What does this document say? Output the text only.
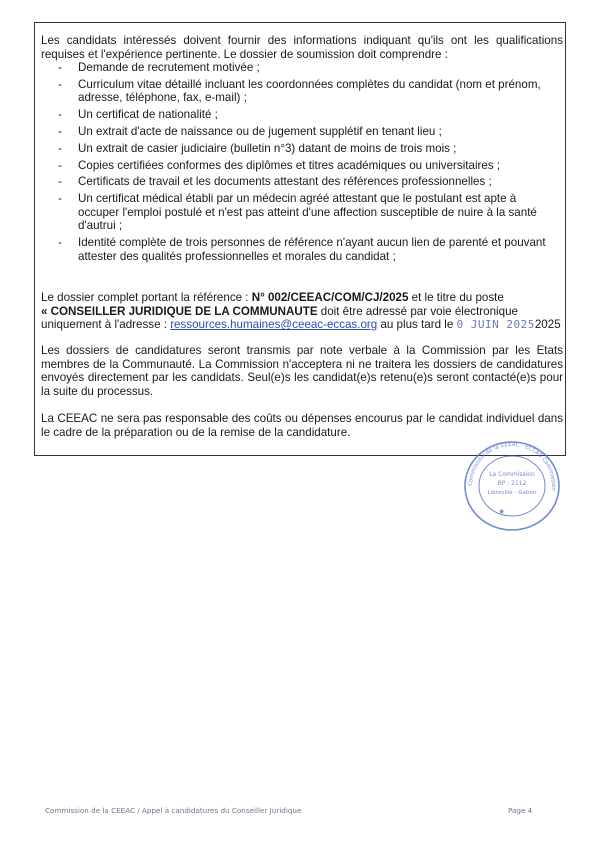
Les candidats intéressés doivent fournir des informations indiquant qu'ils ont les qualifications requises et l'expérience pertinente. Le dossier de soumission doit comprendre :
- Demande de recrutement motivée ;
- Curriculum vitae détaillé incluant les coordonnées complètes du candidat (nom et prénom, adresse, téléphone, fax, e-mail) ;
- Un certificat de nationalité ;
- Un extrait d'acte de naissance ou de jugement supplétif en tenant lieu ;
- Un extrait de casier judiciaire (bulletin n°3) datant de moins de trois mois ;
- Copies certifiées conformes des diplômes et titres académiques ou universitaires ;
- Certificats de travail et les documents attestant des références professionnelles ;
- Un certificat médical établi par un médecin agréé attestant que le postulant est apte à occuper l'emploi postulé et n'est pas atteint d'une affection susceptible de nuire à la santé d'autrui ;
- Identité complète de trois personnes de référence n'ayant aucun lien de parenté et pouvant attester des qualités professionnelles et morales du candidat ;
Le dossier complet portant la référence : N° 002/CEEAC/COM/CJ/2025 et le titre du poste
« CONSEILLER JURIDIQUE DE LA COMMUNAUTE doit être adressé par voie électronique uniquement à l'adresse : ressources.humaines@ceeac-eccas.org au plus tard le 0 JUIN 20252025
Les dossiers de candidatures seront transmis par note verbale à la Commission par les Etats membres de la Communauté. La Commission n'acceptera ni ne traitera les dossiers de candidatures envoyés directement par les candidats. Seul(e)s les candidat(e)s retenu(e)s seront contacté(e)s pour la suite du processus.
La CEEAC ne sera pas responsable des coûts ou dépenses encourus par le candidat individuel dans le cadre de la préparation ou de la remise de la candidature.
Commission de la CEEAC · ECCAS Commission
La Commission
BP : 2112
Libreville - Gabon
★
Commission de la CEEAC / Appel à candidatures du Conseiller Juridique	Page 4
